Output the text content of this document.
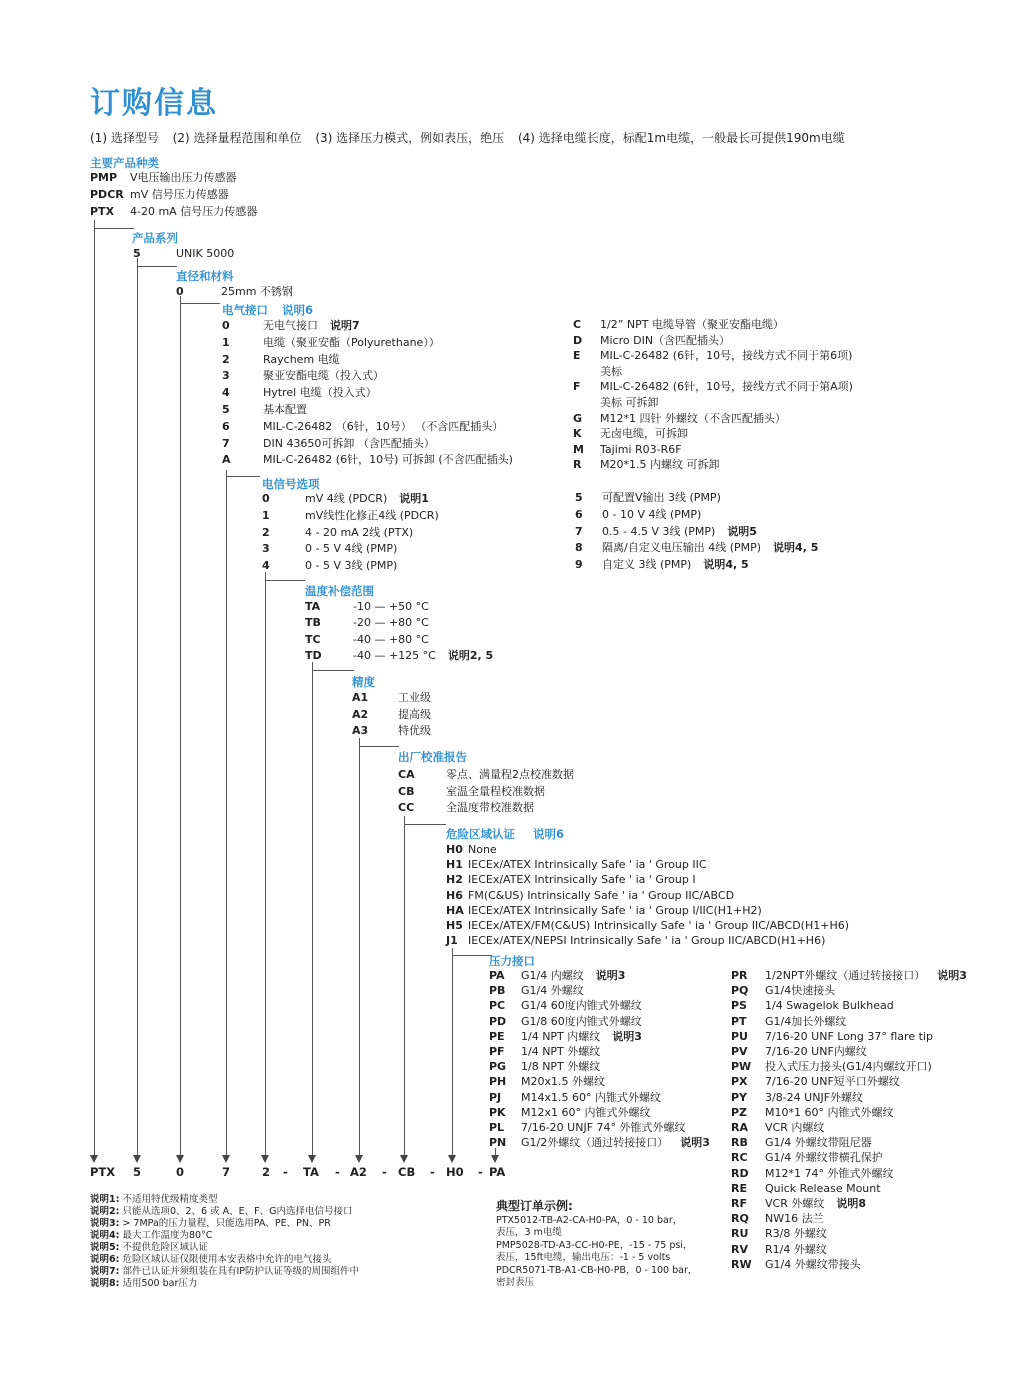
订购信息
(1) 选择型号 (2) 选择量程范围和单位 (3) 选择压力模式，例如表压，绝压 (4) 选择电缆长度，标配1m电缆，一般最长可提供190m电缆
主要产品种类
PMP V电压输出压力传感器
PDCR mV 信号压力传感器
PTX 4-20 mA 信号压力传感器
产品系列
5	UNIK 5000
直径和材料
0	25mm 不锈钢
电气接口 说明6
电信号选项
温度补偿范围
精度
出厂校准报告
危险区域认证 说明6
压力接口
0	无电气接口 说明7
1	电缆（聚亚安酯（Polyurethane））
2	Raychem 电缆
3	聚亚安酯电缆（投入式）
4	Hytrel 电缆（投入式）
5	基本配置
6	MIL-C-26482 （6针，10号） （不含匹配插头）
7	DIN 43650可拆卸 （含匹配插头）
A	MIL-C-26482 (6针，10号) 可拆卸 (不含匹配插头)
C 1/2” NPT 电缆导管（聚亚安酯电缆）
D Micro DIN（含匹配插头）
E MIL-C-26482 (6针，10号，接线方式不同于第6项)
美标
F MIL-C-26482 (6针，10号，接线方式不同于第A项)
美标 可拆卸
G M12*1 四针 外螺纹（不含匹配插头）
K 无卤电缆，可拆卸
M Tajimi R03-R6F
R M20*1.5 内螺纹 可拆卸
0	mV 4线 (PDCR) 说明1
1	mV线性化修正4线 (PDCR)
2	4 - 20 mA 2线 (PTX)
3	0 - 5 V 4线 (PMP)
4	0 - 5 V 3线 (PMP)
5 可配置V输出 3线 (PMP)
6 0 - 10 V 4线 (PMP)
7 0.5 - 4.5 V 3线 (PMP) 说明5
8 隔离/自定义电压输出 4线 (PMP) 说明4, 5
9 自定义 3线 (PMP) 说明4, 5
TA	-10 — +50 °C
TB	-20 — +80 °C
TC	-40 — +80 °C
TD	-40 — +125 °C 说明2, 5
A1	工业级
A2	提高级
A3	特优级
CA	零点、满量程2点校准数据
CB	室温全量程校准数据
CC	全温度带校准数据
H0 None
H1 IECEx/ATEX Intrinsically Safe ' ia ' Group IIC
H2 IECEx/ATEX Intrinsically Safe ' ia ' Group I
H6 FM(C&US) Intrinsically Safe ' ia ' Group IIC/ABCD
HA IECEx/ATEX Intrinsically Safe ' ia ' Group I/IIC(H1+H2)
H5 IECEx/ATEX/FM(C&US) Intrinsically Safe ' ia ' Group IIC/ABCD(H1+H6)
J1 IECEx/ATEX/NEPSI Intrinsically Safe ' ia ' Group IIC/ABCD(H1+H6)
PA G1/4 内螺纹 说明3
PB G1/4 外螺纹
PC G1/4 60度内锥式外螺纹
PD G1/8 60度内锥式外螺纹
PE 1/4 NPT 内螺纹 说明3
PF 1/4 NPT 外螺纹
PG 1/8 NPT 外螺纹
PH M20x1.5 外螺纹
PJ M14x1.5 60° 内锥式外螺纹
PK M12x1 60° 内锥式外螺纹
PL 7/16-20 UNJF 74° 外锥式外螺纹
PN G1/2外螺纹（通过转接接口） 说明3
PR 1/2NPT外螺纹（通过转接接口） 说明3
PQ G1/4快速接头
PS 1/4 Swagelok Bulkhead
PT G1/4加长外螺纹
PU 7/16-20 UNF Long 37° flare tip
PV 7/16-20 UNF内螺纹
PW 投入式压力接头(G1/4内螺纹开口)
PX 7/16-20 UNF短平口外螺纹
PY 3/8-24 UNJF外螺纹
PZ M10*1 60° 内锥式外螺纹
RA VCR 内螺纹
RB G1/4 外螺纹带阻尼器
RC G1/4 外螺纹带横孔保护
RD M12*1 74° 外锥式外螺纹
RE Quick Release Mount
RF VCR 外螺纹 说明8
RQ NW16 法兰
RU R3/8 外螺纹
RV R1/4 外螺纹
RW G1/4 外螺纹带接头
PTX 5	0	7	2 - TA - A2 - CB - H0 - PA
说明1: 不适用特优级精度类型
说明2: 只能从选项0、2、6 或 A、E、F、G内选择电信号接口
说明3: > 7MPa的压力量程，只能选用PA、PE、PN、PR
说明4: 最大工作温度为80°C
说明5: 不提供危险区域认证
说明6: 危险区域认证仅限使用本安表格中允许的电气接头
说明7: 部件已认证并须组装在具有IP防护认证等级的周围组件中
说明8: 适用500 bar压力
典型订单示例:
PTX5012-TB-A2-CA-H0-PA，0 - 10 bar，
表压，3 m电缆
PMP5028-TD-A3-CC-H0-PE，-15 - 75 psi，
表压，15ft电缆，输出电压：-1 - 5 volts
PDCR5071-TB-A1-CB-H0-PB，0 - 100 bar，
密封表压
